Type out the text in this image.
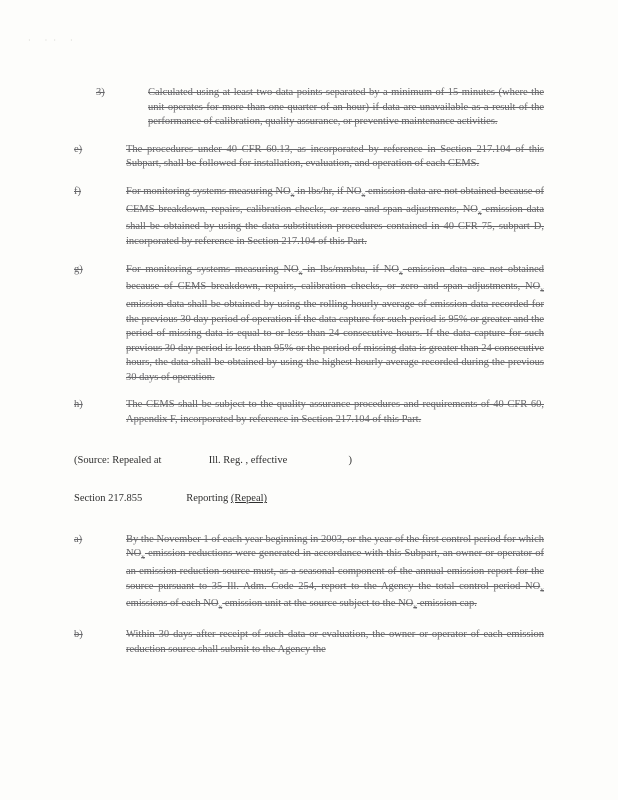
· ·· ·
3)	Calculated using at least two data points separated by a minimum of 15 minutes (where the unit operates for more than one quarter of an hour) if data are unavailable as a result of the performance of calibration, quality assurance, or preventive maintenance activities.
e)	The procedures under 40 CFR 60.13, as incorporated by reference in Section 217.104 of this Subpart, shall be followed for installation, evaluation, and operation of each CEMS.
f)	For monitoring systems measuring $NO_x$ in lbs/hr, if $NO_x$ emission data are not obtained because of CEMS breakdown, repairs, calibration checks, or zero and span adjustments, $NO_x$ emission data shall be obtained by using the data substitution procedures contained in 40 CFR 75, subpart D, incorporated by reference in Section 217.104 of this Part.
g)	For monitoring systems measuring $NO_x$ in lbs/mmbtu, if $NO_x$ emission data are not obtained because of CEMS breakdown, repairs, calibration checks, or zero and span adjustments, $NO_x$ emission data shall be obtained by using the rolling hourly average of emission data recorded for the previous 30 day period of operation if the data capture for such period is 95% or greater and the period of missing data is equal to or less than 24 consecutive hours. If the data capture for such previous 30 day period is less than 95% or the period of missing data is greater than 24 consecutive hours, the data shall be obtained by using the highest hourly average recorded during the previous 30 days of operation.
h)	The CEMS shall be subject to the quality assurance procedures and requirements of 40 CFR 60, Appendix F, incorporated by reference in Section 217.104 of this Part.
(Source: Repealed at	Ill. Reg. , effective	)
Section 217.855	Reporting (Repeal)
a)	By the November 1 of each year beginning in 2003, or the year of the first control period for which $NO_x$ emission reductions were generated in accordance with this Subpart, an owner or operator of an emission reduction source must, as a seasonal component of the annual emission report for the source pursuant to 35 Ill. Adm. Code 254, report to the Agency the total control period $NO_x$ emissions of each $NO_x$ emission unit at the source subject to the $NO_x$ emission cap.
b)	Within 30 days after receipt of such data or evaluation, the owner or operator of each emission reduction source shall submit to the Agency the
